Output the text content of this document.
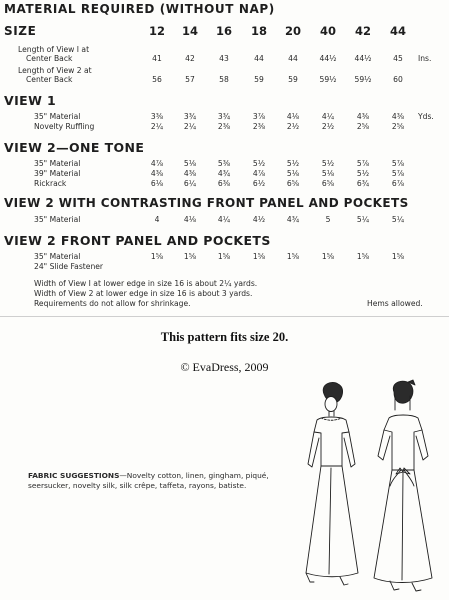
MATERIAL REQUIRED (WITHOUT NAP)
SIZE	12 14 16 18 20 40 42 44
Length of View I at
Center Back	41	42	43	44	44	44½ 44½	45 Ins.
Length of View 2 at
Center Back	56	57	58	59	59	59½ 59½	60
VIEW 1
35" Material	3⅜	3¾	3¾	3⅞	4⅛	4¼	4⅜	4⅜ Yds.
Novelty Ruffling	2¼	2¼	2⅜	2⅜	2½	2½	2⅝	2⅝
VIEW 2—ONE TONE
35" Material	4⅞	5⅛	5⅜	5½	5½	5½	5⅞	5⅞
39" Material	4⅜	4⅜	4¾	4⅞	5⅛	5⅛	5½	5⅞
Rickrack	6⅛	6¼	6⅜	6½	6⅝	6⅝	6¾	6⅞
VIEW 2 WITH CONTRASTING FRONT PANEL AND POCKETS
35" Material	4	4⅛	4¼	4½	4¾	5	5¼	5¼
VIEW 2 FRONT PANEL AND POCKETS
35" Material	1⅝	1⅝	1⅝	1⅝	1⅝	1⅝	1⅝	1⅝
24" Slide Fastener
Width of View I at lower edge in size 16 is about 2¼ yards.
Width of View 2 at lower edge in size 16 is about 3 yards.
Requirements do not allow for shrinkage.	Hems allowed.
This pattern fits size 20.
© EvaDress, 2009
FABRIC SUGGESTIONS—Novelty cotton, linen, gingham, piqué, seersucker, novelty silk, silk crêpe, taffeta, rayons, batiste.
